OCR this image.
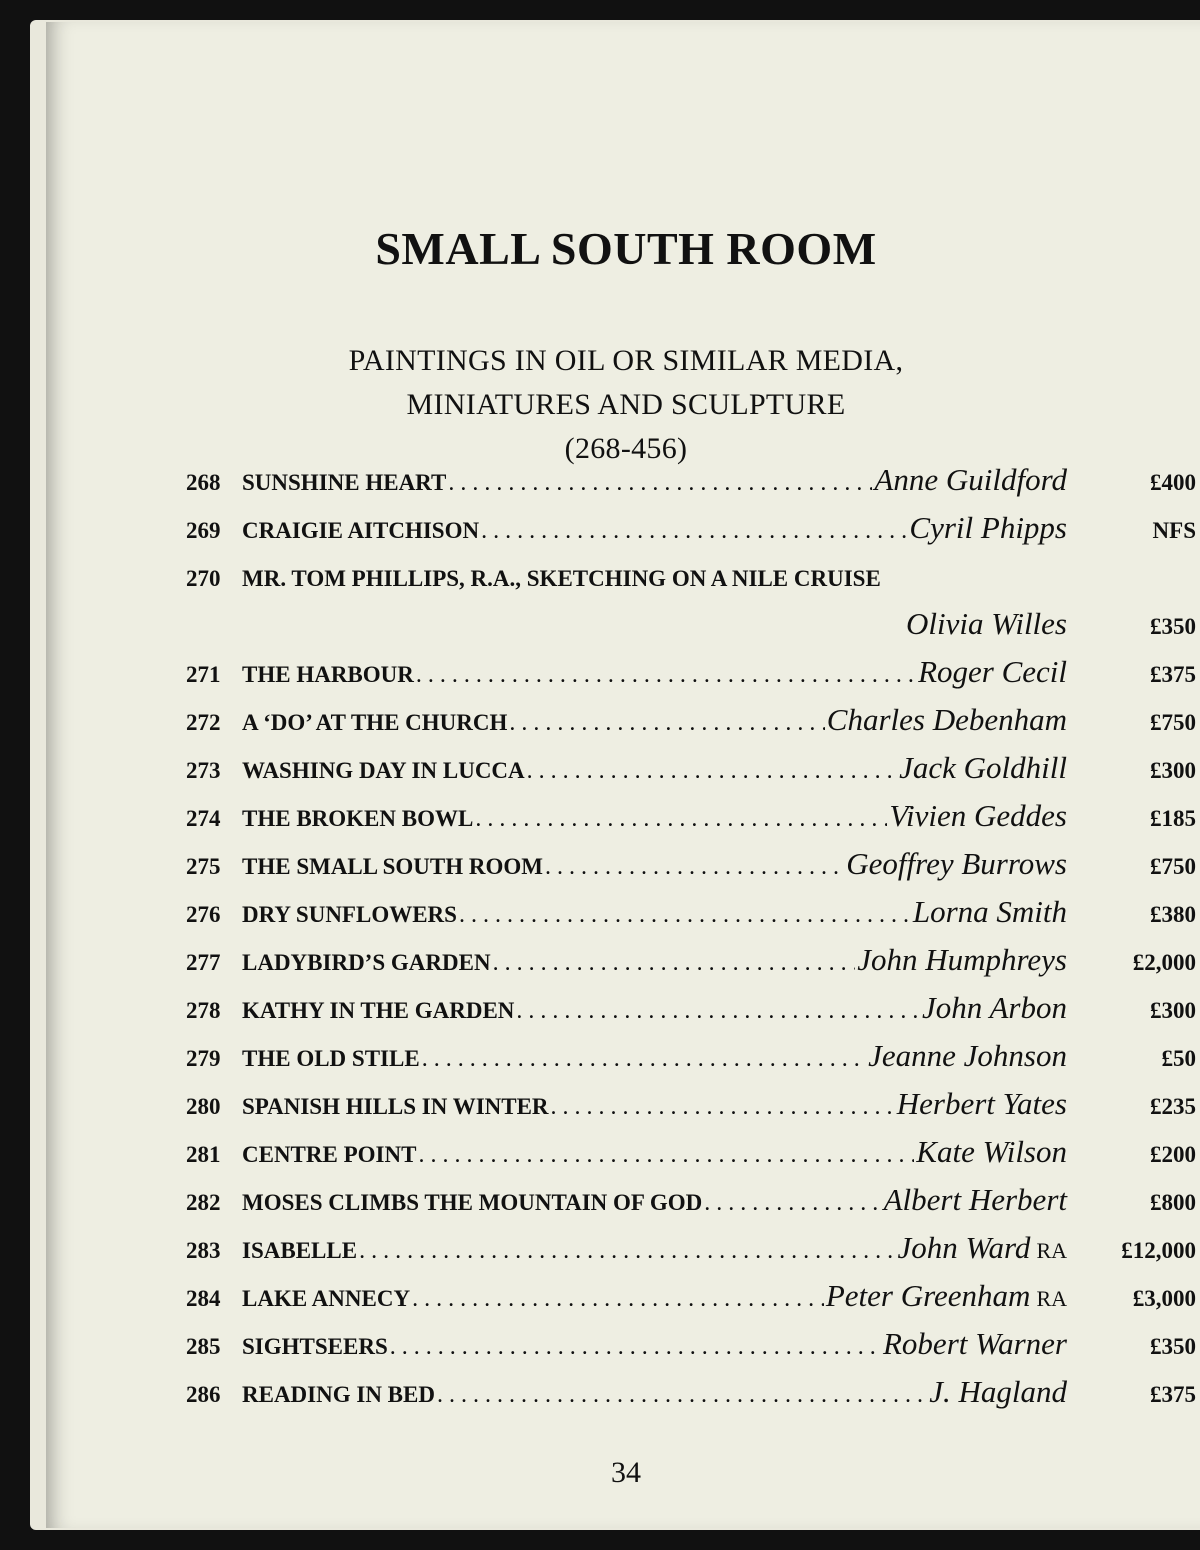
SMALL SOUTH ROOM
PAINTINGS IN OIL OR SIMILAR MEDIA,
MINIATURES AND SCULPTURE
(268-456)
268 SUNSHINE HEART . . .	Anne Guildford	£400
269 CRAIGIE AITCHISON . . .	Cyril Phipps	NFS
270 MR. TOM PHILLIPS, R.A., SKETCHING ON A NILE CRUISE
Olivia Willes	£350
271 THE HARBOUR . . .	Roger Cecil	£375
272 A ‘DO’ AT THE CHURCH . . .	Charles Debenham	£750
273 WASHING DAY IN LUCCA . . .	Jack Goldhill	£300
274 THE BROKEN BOWL . . .	Vivien Geddes	£185
275 THE SMALL SOUTH ROOM . . .	Geoffrey Burrows	£750
276 DRY SUNFLOWERS . . .	Lorna Smith	£380
277 LADYBIRD’S GARDEN . . .	John Humphreys	£2,000
278 KATHY IN THE GARDEN . . .	John Arbon	£300
279 THE OLD STILE . . .	Jeanne Johnson	£50
280 SPANISH HILLS IN WINTER . . .	Herbert Yates	£235
281 CENTRE POINT . . .	Kate Wilson	£200
282 MOSES CLIMBS THE MOUNTAIN OF GOD . . .	Albert Herbert	£800
283 ISABELLE . . .	John Ward RA £12,000
284 LAKE ANNECY . . .	Peter Greenham RA	£3,000
285 SIGHTSEERS . . .	Robert Warner	£350
286 READING IN BED . . .	J. Hagland	£375
34
